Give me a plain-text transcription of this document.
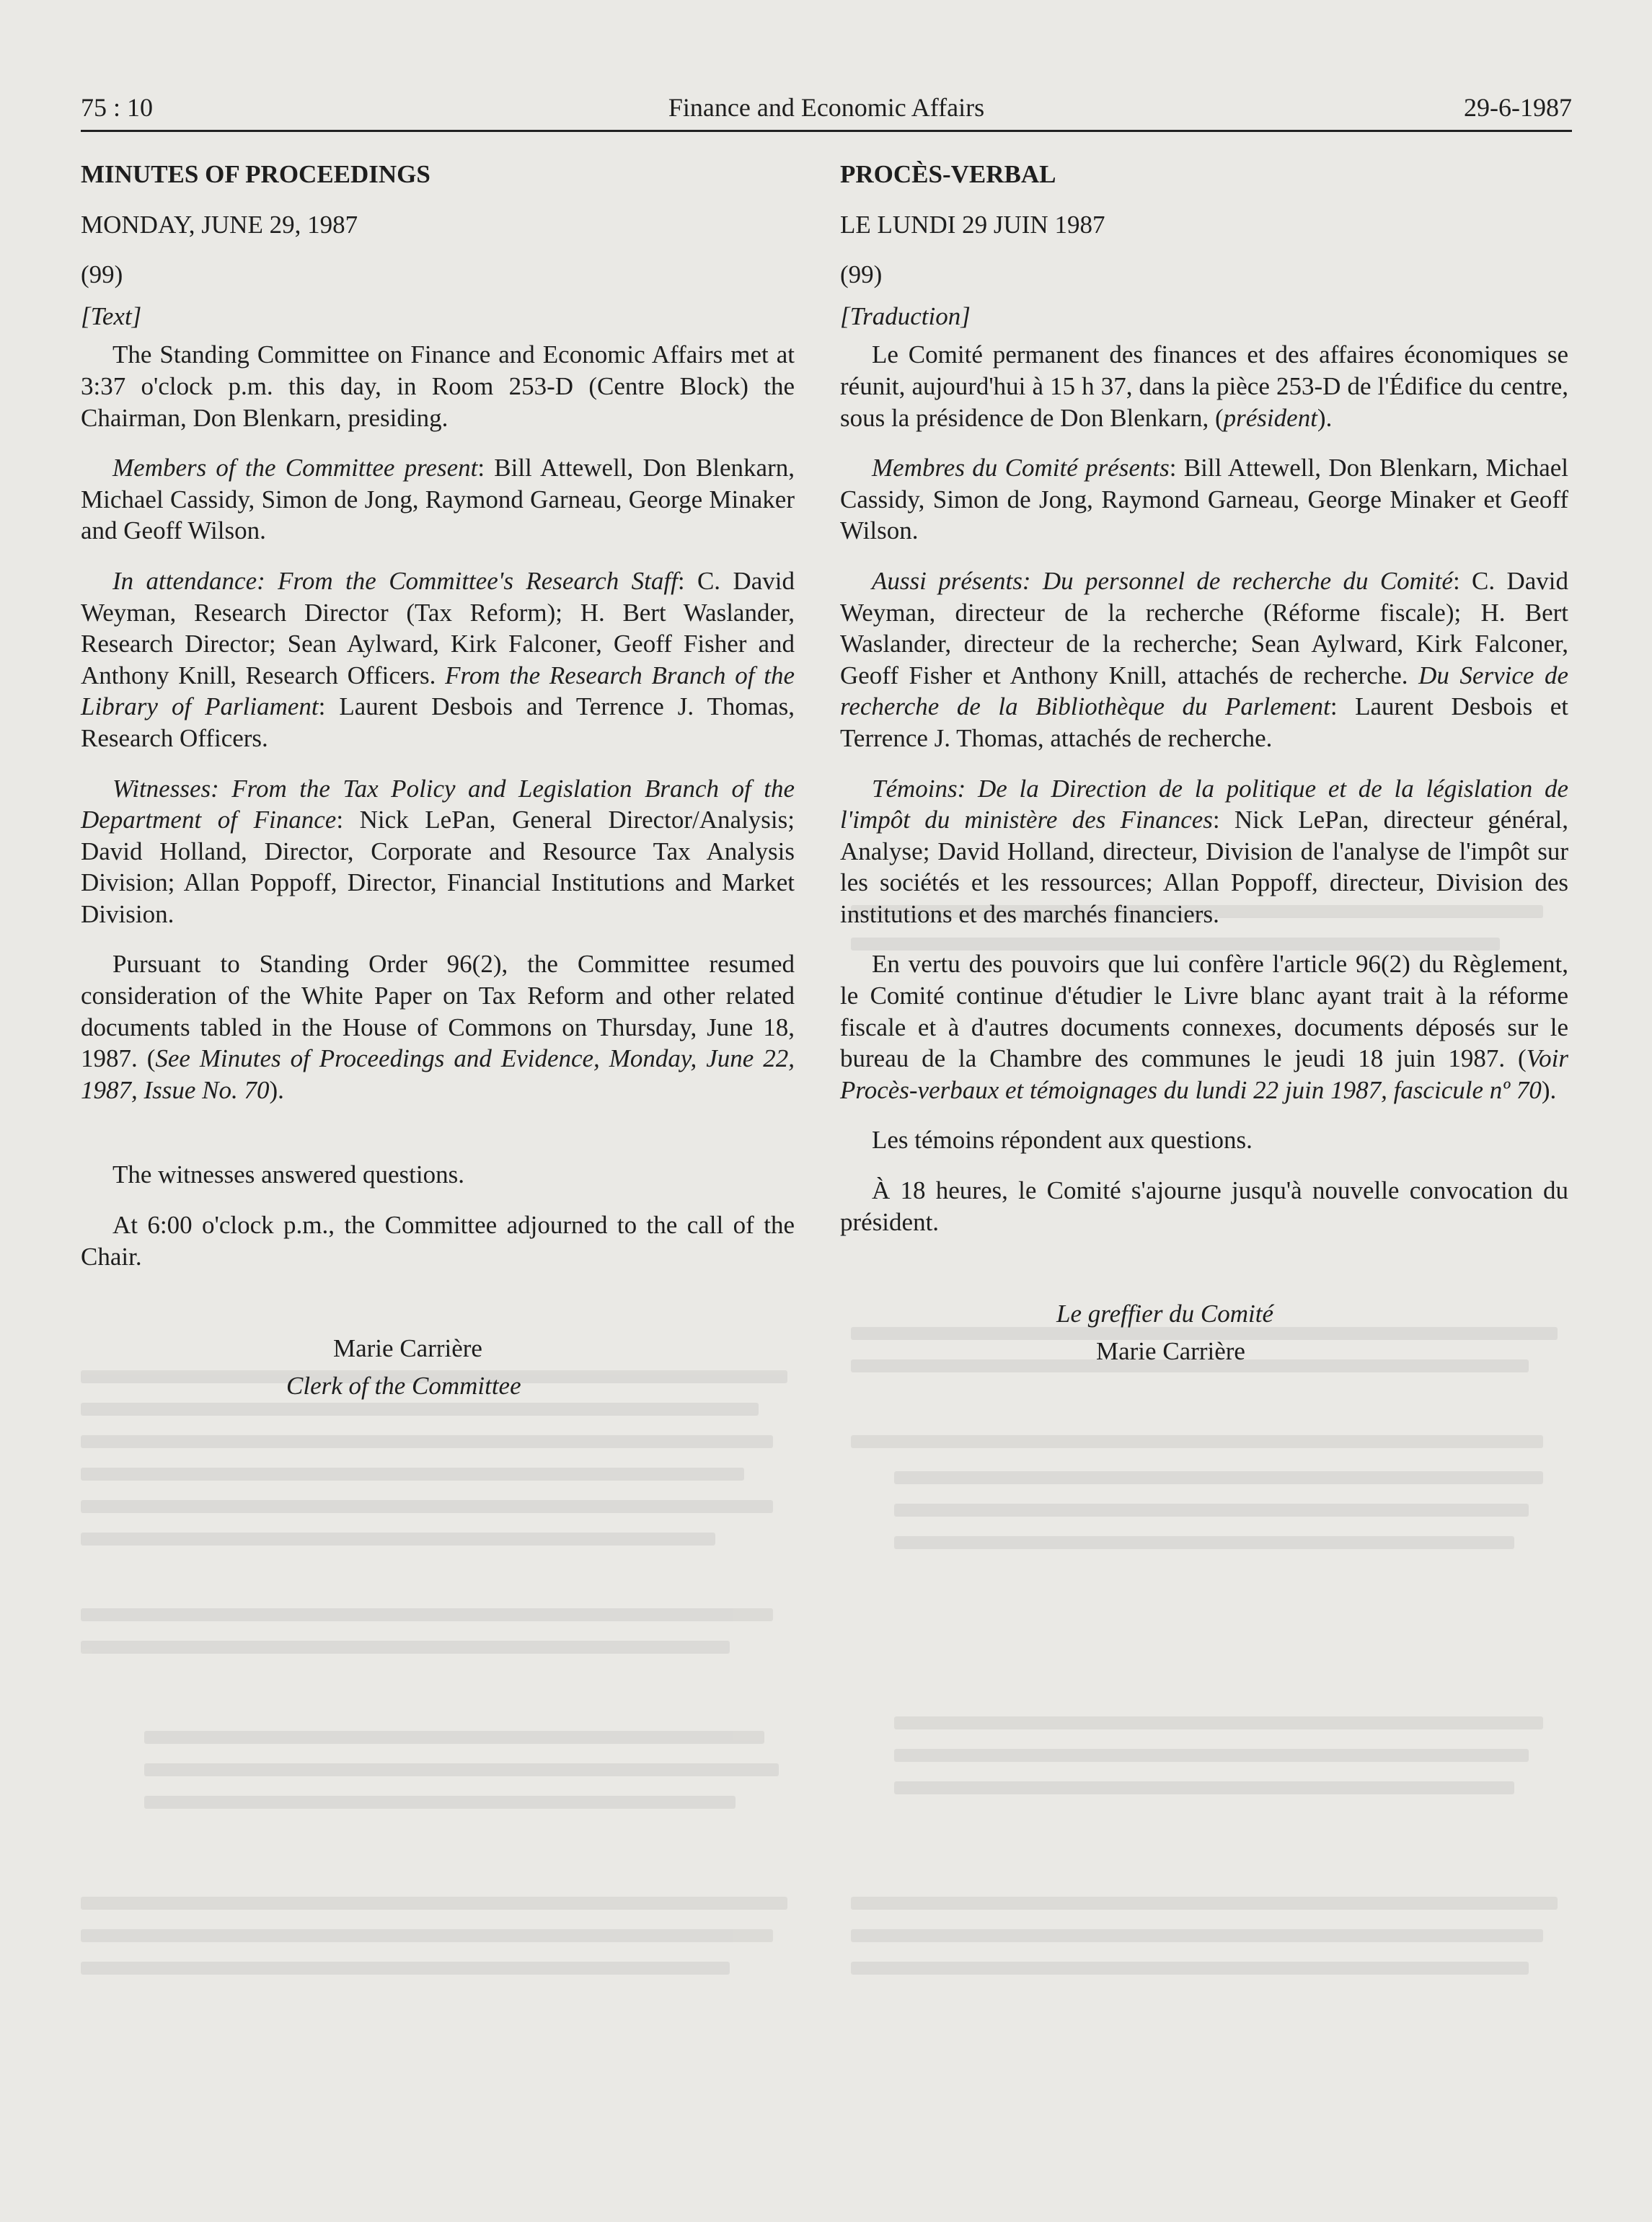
75 : 10	Finance and Economic Affairs	29-6-1987

MINUTES OF PROCEEDINGS

MONDAY, JUNE 29, 1987

(99)

[Text]

The Standing Committee on Finance and Economic Affairs met at 3:37 o'clock p.m. this day, in Room 253-D (Centre Block) the Chairman, Don Blenkarn, presiding.

Members of the Committee present: Bill Attewell, Don Blenkarn, Michael Cassidy, Simon de Jong, Raymond Garneau, George Minaker and Geoff Wilson.

In attendance: From the Committee's Research Staff: C. David Weyman, Research Director (Tax Reform); H. Bert Waslander, Research Director; Sean Aylward, Kirk Falconer, Geoff Fisher and Anthony Knill, Research Officers. From the Research Branch of the Library of Parliament: Laurent Desbois and Terrence J. Thomas, Research Officers.

Witnesses: From the Tax Policy and Legislation Branch of the Department of Finance: Nick LePan, General Director/Analysis; David Holland, Director, Corporate and Resource Tax Analysis Division; Allan Poppoff, Director, Financial Institutions and Market Division.

Pursuant to Standing Order 96(2), the Committee resumed consideration of the White Paper on Tax Reform and other related documents tabled in the House of Commons on Thursday, June 18, 1987. (See Minutes of Proceedings and Evidence, Monday, June 22, 1987, Issue No. 70).

The witnesses answered questions.

At 6:00 o'clock p.m., the Committee adjourned to the call of the Chair.

Marie Carrière
Clerk of the Committee

PROCÈS-VERBAL

LE LUNDI 29 JUIN 1987

(99)

[Traduction]

Le Comité permanent des finances et des affaires économiques se réunit, aujourd'hui à 15 h 37, dans la pièce 253-D de l'Édifice du centre, sous la présidence de Don Blenkarn, (président).

Membres du Comité présents: Bill Attewell, Don Blenkarn, Michael Cassidy, Simon de Jong, Raymond Garneau, George Minaker et Geoff Wilson.

Aussi présents: Du personnel de recherche du Comité: C. David Weyman, directeur de la recherche (Réforme fiscale); H. Bert Waslander, directeur de la recherche; Sean Aylward, Kirk Falconer, Geoff Fisher et Anthony Knill, attachés de recherche. Du Service de recherche de la Bibliothèque du Parlement: Laurent Desbois et Terrence J. Thomas, attachés de recherche.

Témoins: De la Direction de la politique et de la législation de l'impôt du ministère des Finances: Nick LePan, directeur général, Analyse; David Holland, directeur, Division de l'analyse de l'impôt sur les sociétés et les ressources; Allan Poppoff, directeur, Division des institutions et des marchés financiers.

En vertu des pouvoirs que lui confère l'article 96(2) du Règlement, le Comité continue d'étudier le Livre blanc ayant trait à la réforme fiscale et à d'autres documents connexes, documents déposés sur le bureau de la Chambre des communes le jeudi 18 juin 1987. (Voir Procès-verbaux et témoignages du lundi 22 juin 1987, fascicule nº 70).

Les témoins répondent aux questions.

À 18 heures, le Comité s'ajourne jusqu'à nouvelle convocation du président.

Le greffier du Comité
Marie Carrière
